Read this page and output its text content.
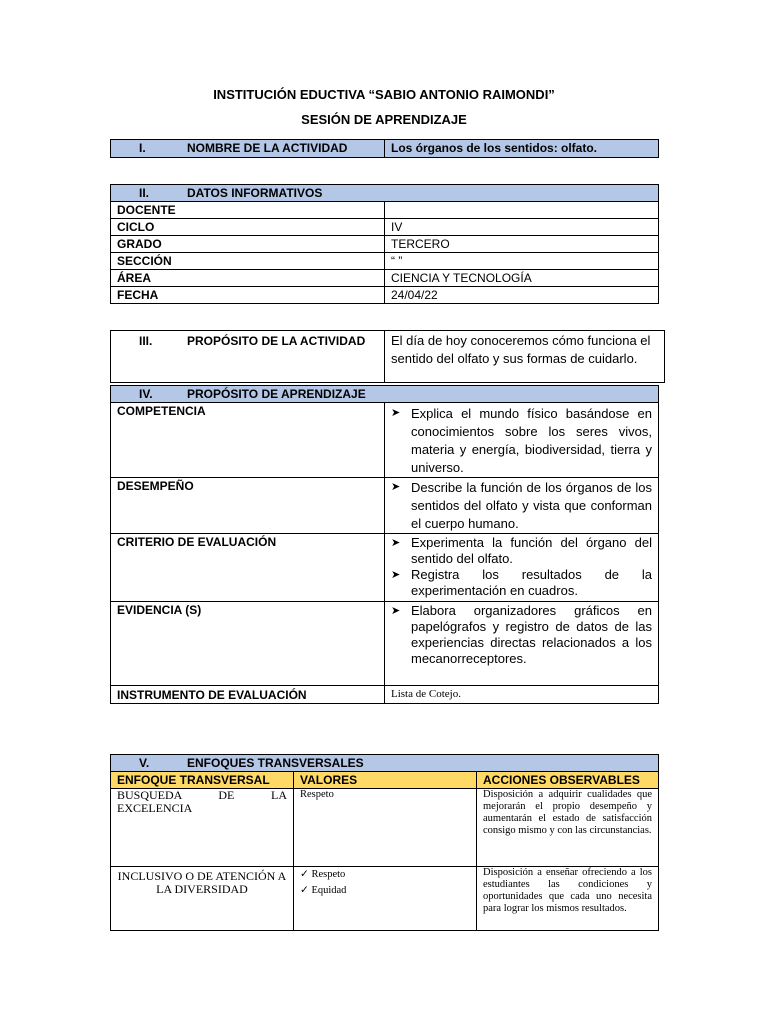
INSTITUCIÓN EDUCTIVA “SABIO ANTONIO RAIMONDI”
SESIÓN DE APRENDIZAJE
I.	NOMBRE DE LA ACTIVIDAD	Los órganos de los sentidos: olfato.
II. DATOS INFORMATIVOS	
DOCENTE	
CICLO	IV
GRADO	TERCERO
SECCIÓN	“ ”
ÁREA	CIENCIA Y TECNOLOGÍA
FECHA	24/04/22
III.	PROPÓSITO DE LA ACTIVIDAD	El día de hoy conoceremos cómo funciona el sentido del olfato y sus formas de cuidarlo.
IV. PROPÓSITO DE APRENDIZAJE	
COMPETENCIA	➤ Explica el mundo físico basándose en conocimientos sobre los seres vivos, materia y energía, biodiversidad, tierra y universo.

DESEMPEÑO	➤ Describe la función de los órganos de los sentidos del olfato y vista que conforman el cuerpo humano.

CRITERIO DE EVALUACIÓN	➤ Experimenta la función del órgano del sentido del olfato.
➤ Registra los resultados de la experimentación en cuadros.

EVIDENCIA (S)	➤ Elabora organizadores gráficos en papelógrafos y registro de datos de las experiencias directas relacionados a los mecanorreceptores.

INSTRUMENTO DE EVALUACIÓN	Lista de Cotejo.
V. ENFOQUES TRANSVERSALES		
ENFOQUE TRANSVERSAL	VALORES	ACCIONES OBSERVABLES
BUSQUEDA DE LA EXCELENCIA	Respeto	Disposición a adquirir cualidades que mejorarán el propio desempeño y aumentarán el estado de satisfacción consigo mismo y con las circunstancias.
INCLUSIVO O DE ATENCIÓN A LA DIVERSIDAD	✓ Respeto
✓ Equidad	Disposición a enseñar ofreciendo a los estudiantes las condiciones y oportunidades que cada uno necesita para lograr los mismos resultados.
